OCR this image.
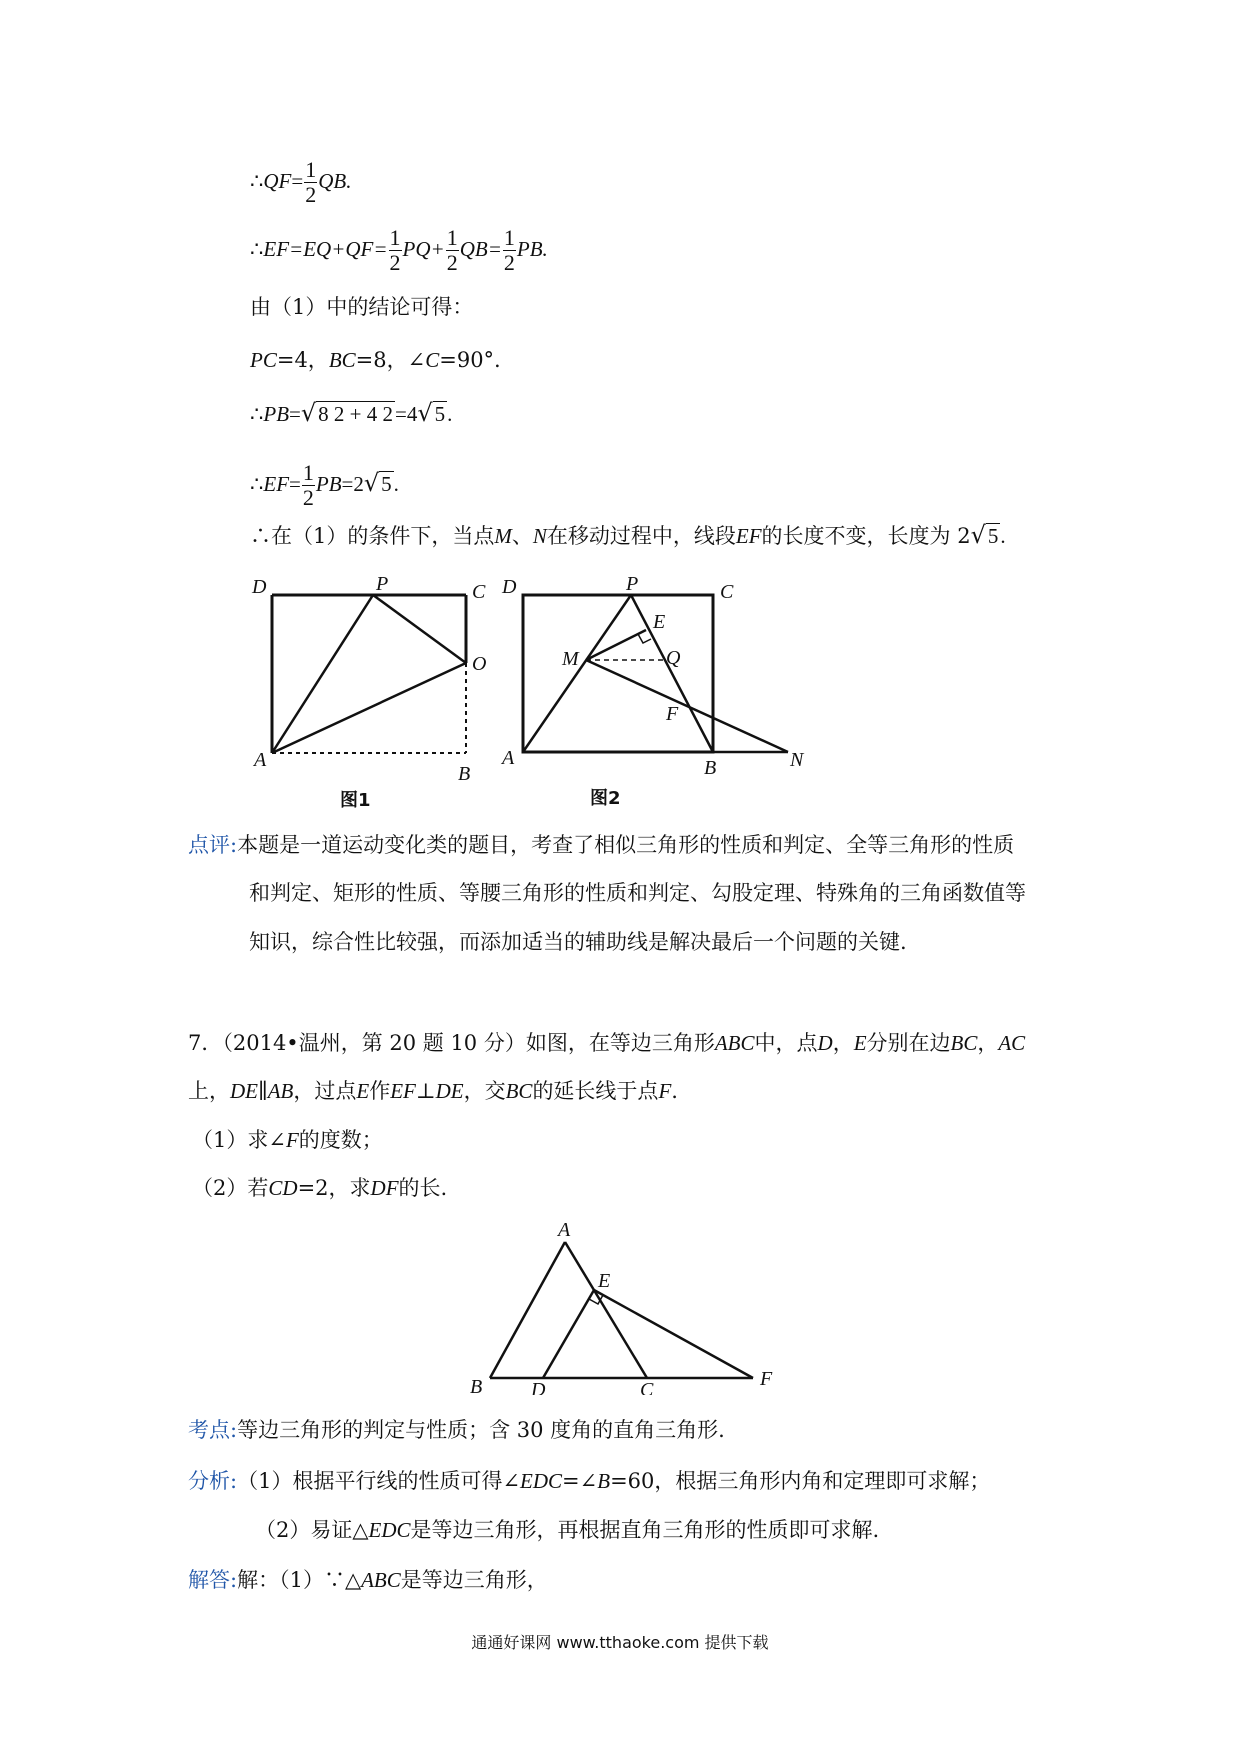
∴QF= $\frac{1}{2}$ QB.
∴EF=EQ+QF= $\frac{1}{2} PQ+ \frac{1}{2} QB= \frac{1}{2}$ PB.
由（1）中的结论可得：
PC=4，BC=8，∠C=90°.
∴PB=√8 2 + 4 2=4√5.
∴EF= $\frac{1}{2} PB=2√5$.
∴在（1）的条件下，当点M、N在移动过程中，线段EF的长度不变，长度为 2√5.
D	P	C
O
A
B
图1
D	P	C
E
Q
M
F
A	B	N
图2
点评:本题是一道运动变化类的题目，考查了相似三角形的性质和判定、全等三角形的性质
和判定、矩形的性质、等腰三角形的性质和判定、勾股定理、特殊角的三角函数值等
知识，综合性比较强，而添加适当的辅助线是解决最后一个问题的关键.
7．（2014•温州，第 20 题 10 分）如图，在等边三角形ABC中，点D，E分别在边BC，AC
上，DE∥AB，过点E作EF⊥DE，交BC的延长线于点F.
（1）求∠F的度数；
（2）若CD=2，求DF的长.
A
E
B D	C	F
考点:等边三角形的判定与性质；含 30 度角的直角三角形.
分析:（1）根据平行线的性质可得∠EDC=∠B=60，根据三角形内角和定理即可求解；
（2）易证△EDC是等边三角形，再根据直角三角形的性质即可求解.
解答:解：（1）∵△ABC是等边三角形，
通通好课网 www.tthaoke.com 提供下载
